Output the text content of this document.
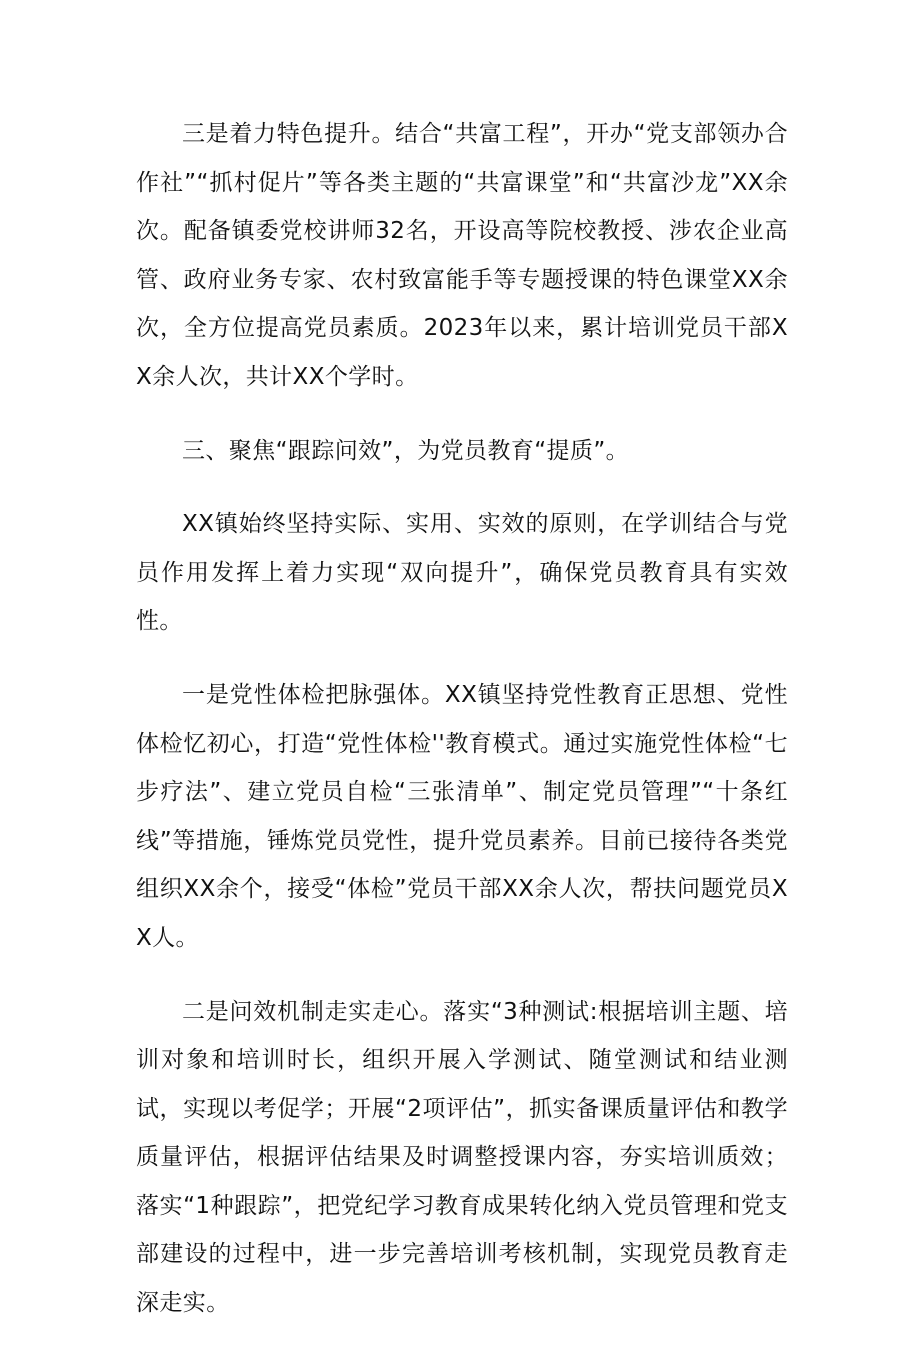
三是着力特色提升。结合“共富工程”，开办“党支部领办合作社”“抓村促片”等各类主题的“共富课堂”和“共富沙龙”XX余次。配备镇委党校讲师32名，开设高等院校教授、涉农企业高管、政府业务专家、农村致富能手等专题授课的特色课堂XX余次，全方位提高党员素质。2023年以来，累计培训党员干部XX余人次，共计XX个学时。

三、聚焦“跟踪问效”，为党员教育“提质”。

XX镇始终坚持实际、实用、实效的原则，在学训结合与党员作用发挥上着力实现“双向提升”，确保党员教育具有实效性。

一是党性体检把脉强体。XX镇坚持党性教育正思想、党性体检忆初心，打造“党性体检''教育模式。通过实施党性体检“七步疗法”、建立党员自检“三张清单”、制定党员管理”“十条红线”等措施，锤炼党员党性，提升党员素养。目前已接待各类党组织XX余个，接受“体检”党员干部XX余人次，帮扶问题党员XX人。

二是问效机制走实走心。落实“3种测试:根据培训主题、培训对象和培训时长，组织开展入学测试、随堂测试和结业测试，实现以考促学；开展“2项评估”，抓实备课质量评估和教学质量评估，根据评估结果及时调整授课内容，夯实培训质效；落实“1种跟踪”，把党纪学习教育成果转化纳入党员管理和党支部建设的过程中，进一步完善培训考核机制，实现党员教育走深走实。
